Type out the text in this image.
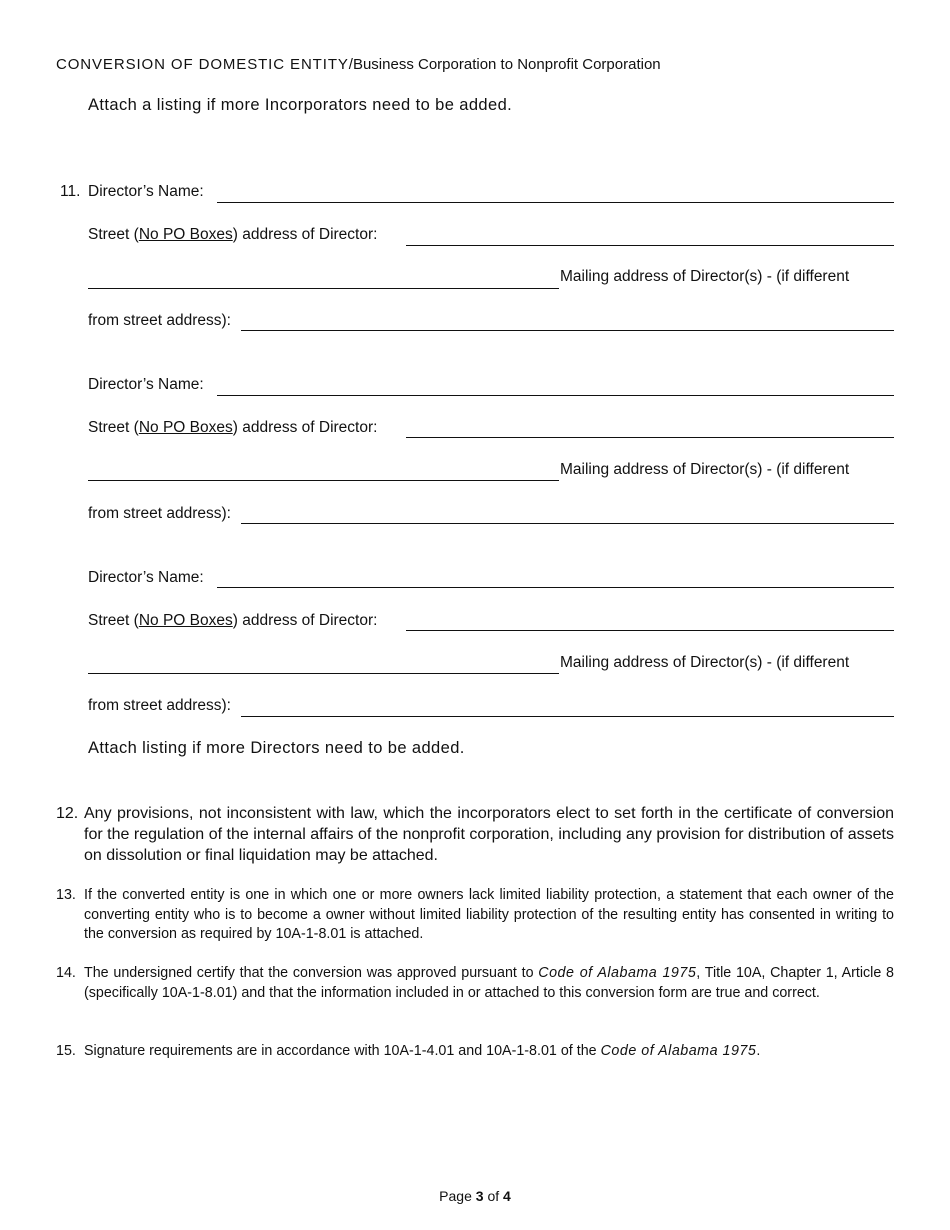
CONVERSION OF DOMESTIC ENTITY/Business Corporation to Nonprofit Corporation
Attach a listing if more Incorporators need to be added.
11. Director’s Name:
Street (No PO Boxes) address of Director:
Mailing address of Director(s) - (if different
from street address):
Director’s Name:
Street (No PO Boxes) address of Director:
Mailing address of Director(s) - (if different
from street address):
Director’s Name:
Street (No PO Boxes) address of Director:
Mailing address of Director(s) - (if different
from street address):
Attach listing if more Directors need to be added.
12. Any provisions, not inconsistent with law, which the incorporators elect to set forth in the certificate of conversion for the regulation of the internal affairs of the nonprofit corporation, including any provision for distribution of assets on dissolution or final liquidation may be attached.
13. If the converted entity is one in which one or more owners lack limited liability protection, a statement that each owner of the converting entity who is to become a owner without limited liability protection of the resulting entity has consented in writing to the conversion as required by 10A-1-8.01 is attached.
14. The undersigned certify that the conversion was approved pursuant to Code of Alabama 1975, Title 10A, Chapter 1, Article 8 (specifically 10A-1-8.01) and that the information included in or attached to this conversion form are true and correct.
15. Signature requirements are in accordance with 10A-1-4.01 and 10A-1-8.01 of the Code of Alabama 1975.
Page 3 of 4
